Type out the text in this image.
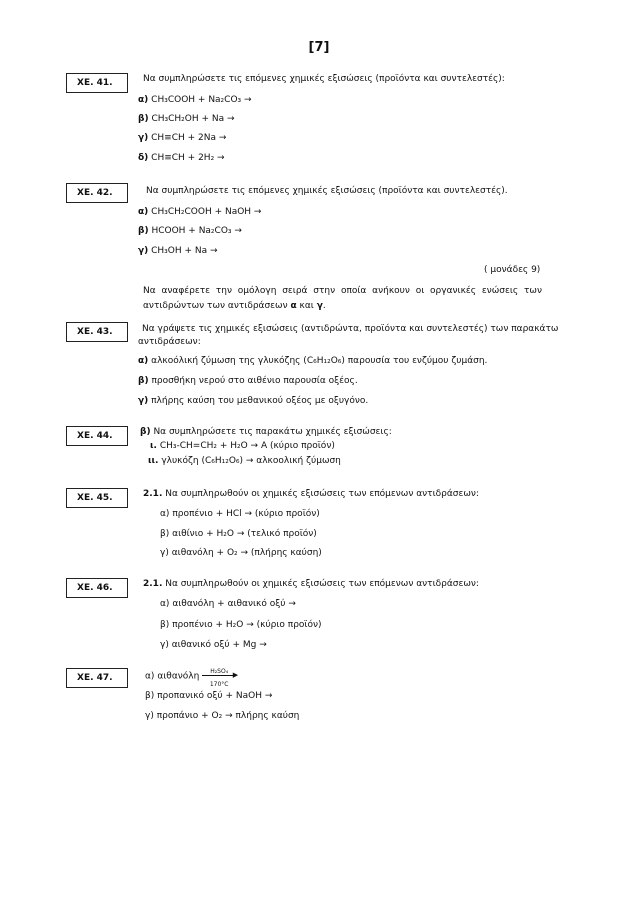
[7]
ΧΕ. 41.	Να συμπληρώσετε τις επόμενες χημικές εξισώσεις (προϊόντα και συντελεστές):
α) CH₃COOH + Na₂CO₃ →
β) CH₃CH₂OH + Na →
γ) CH≡CH + 2Na →
δ) CH≡CH + 2H₂ →
ΧΕ. 42.	Να συμπληρώσετε τις επόμενες χημικές εξισώσεις (προϊόντα και συντελεστές).
α) CH₃CH₂COOH + NaOH →
β) HCOOH + Na₂CO₃ →
γ) CH₃OH + Na →
( μονάδες 9)
Να αναφέρετε την ομόλογη σειρά στην οποία ανήκουν οι οργανικές ενώσεις των
αντιδρώντων των αντιδράσεων α και γ.
ΧΕ. 43.	Να γράψετε τις χημικές εξισώσεις (αντιδρώντα, προϊόντα και συντελεστές) των παρακάτω
αντιδράσεων:
α) αλκοόλική ζύμωση της γλυκόζης (C₆H₁₂O₆) παρουσία του ενζύμου ζυμάση.
β) προσθήκη νερού στο αιθένιο παρουσία οξέος.
γ) πλήρης καύση του μεθανικού οξέος με οξυγόνο.
ΧΕ. 44.	β) Να συμπληρώσετε τις παρακάτω χημικές εξισώσεις:
ι. CH₃-CH=CH₂ + H₂O → A (κύριο προϊόν)
ιι. γλυκόζη (C₆H₁₂O₆) → αλκοολική ζύμωση
ΧΕ. 45.	2.1. Να συμπληρωθούν οι χημικές εξισώσεις των επόμενων αντιδράσεων:
α) προπένιο + HCl → (κύριο προϊόν)
β) αιθίνιο + H₂O → (τελικό προϊόν)
γ) αιθανόλη + O₂ → (πλήρης καύση)
ΧΕ. 46.	2.1. Να συμπληρωθούν οι χημικές εξισώσεις των επόμενων αντιδράσεων:
α) αιθανόλη + αιθανικό οξύ →
β) προπένιο + H₂O → (κύριο προϊόν)
γ) αιθανικό οξύ + Mg →
ΧΕ. 47.	α) αιθανόλη	H₂SO₄ ▶
170°C
β) προπανικό οξύ + NaOH →
γ) προπάνιο + O₂ → πλήρης καύση
